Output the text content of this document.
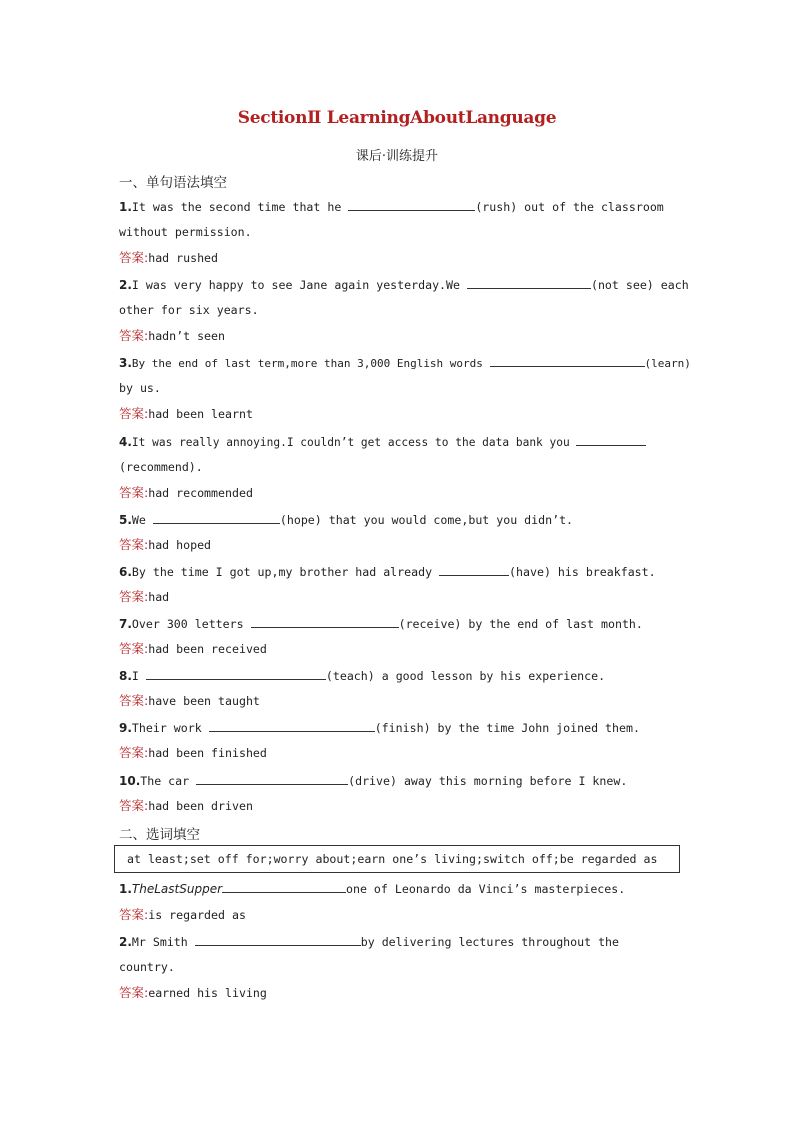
SectionⅡ LearningAboutLanguage
课后·训练提升
一、单句语法填空
1.It was the second time that he	(rush) out of the classroom
without permission.
答案:had rushed
2.I was very happy to see Jane again yesterday.We	(not see) each
other for six years.
答案:hadn’t seen
3.By the end of last term,more than 3,000 English words	(learn)
by us.
答案:had been learnt
4.It was really annoying.I couldn’t get access to the data bank you
(recommend).
答案:had recommended
5.We	(hope) that you would come,but you didn’t.
答案:had hoped
6.By the time I got up,my brother had already	(have) his breakfast.
答案:had
7.Over 300 letters	(receive) by the end of last month.
答案:had been received
8.I	(teach) a good lesson by his experience.
答案:have been taught
9.Their work	(finish) by the time John joined them.
答案:had been finished
10.The car	(drive) away this morning before I knew.
答案:had been driven
二、选词填空
at least;set off for;worry about;earn one’s living;switch off;be regarded as
1.TheLastSupper	one of Leonardo da Vinci’s masterpieces.
答案:is regarded as
2.Mr Smith	by delivering lectures throughout the
country.
答案:earned his living
